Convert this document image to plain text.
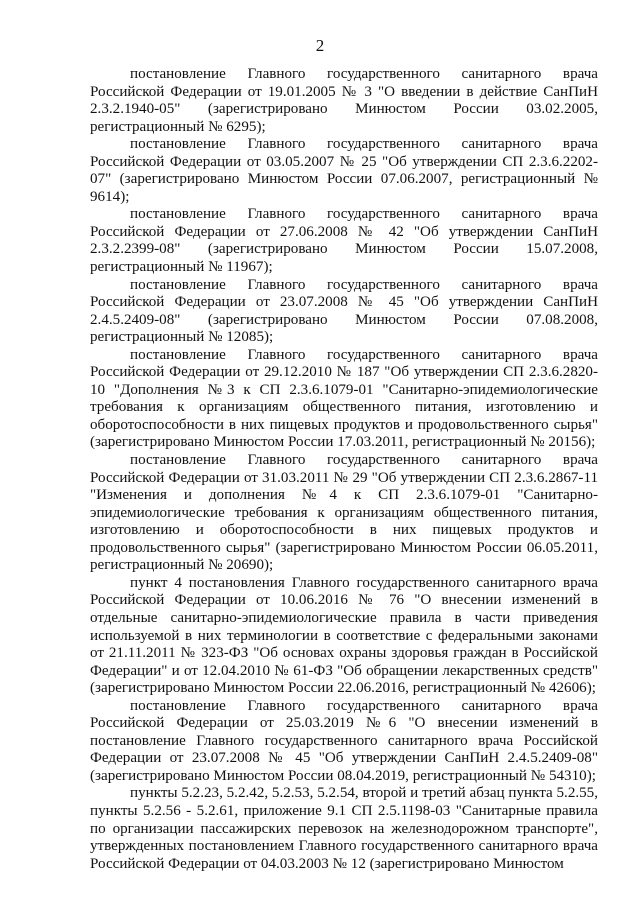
2

постановление Главного государственного санитарного врача Российской Федерации от 19.01.2005 № 3 "О введении в действие СанПиН 2.3.2.1940-05" (зарегистрировано Минюстом России 03.02.2005, регистрационный № 6295);

постановление Главного государственного санитарного врача Российской Федерации от 03.05.2007 № 25 "Об утверждении СП 2.3.6.2202-07" (зарегистрировано Минюстом России 07.06.2007, регистрационный № 9614);

постановление Главного государственного санитарного врача Российской Федерации от 27.06.2008 № 42 "Об утверждении СанПиН 2.3.2.2399-08" (зарегистрировано Минюстом России 15.07.2008, регистрационный № 11967);

постановление Главного государственного санитарного врача Российской Федерации от 23.07.2008 № 45 "Об утверждении СанПиН 2.4.5.2409-08" (зарегистрировано Минюстом России 07.08.2008, регистрационный № 12085);

постановление Главного государственного санитарного врача Российской Федерации от 29.12.2010 № 187 "Об утверждении СП 2.3.6.2820-10 "Дополнения №3 к СП 2.3.6.1079-01 "Санитарно-эпидемиологические требования к организациям общественного питания, изготовлению и оборотоспособности в них пищевых продуктов и продовольственного сырья" (зарегистрировано Минюстом России 17.03.2011, регистрационный № 20156);

постановление Главного государственного санитарного врача Российской Федерации от 31.03.2011 № 29 "Об утверждении СП 2.3.6.2867-11 "Изменения и дополнения №4 к СП 2.3.6.1079-01 "Санитарно-эпидемиологические требования к организациям общественного питания, изготовлению и оборотоспособности в них пищевых продуктов и продовольственного сырья" (зарегистрировано Минюстом России 06.05.2011, регистрационный № 20690);

пункт 4 постановления Главного государственного санитарного врача Российской Федерации от 10.06.2016 № 76 "О внесении изменений в отдельные санитарно-эпидемиологические правила в части приведения используемой в них терминологии в соответствие с федеральными законами от 21.11.2011 № 323-ФЗ "Об основах охраны здоровья граждан в Российской Федерации" и от 12.04.2010 № 61-ФЗ "Об обращении лекарственных средств" (зарегистрировано Минюстом России 22.06.2016, регистрационный № 42606);

постановление Главного государственного санитарного врача Российской Федерации от 25.03.2019 №6 "О внесении изменений в постановление Главного государственного санитарного врача Российской Федерации от 23.07.2008 № 45 "Об утверждении СанПиН 2.4.5.2409-08" (зарегистрировано Минюстом России 08.04.2019, регистрационный № 54310);

пункты 5.2.23, 5.2.42, 5.2.53, 5.2.54, второй и третий абзац пункта 5.2.55, пункты 5.2.56 - 5.2.61, приложение 9.1 СП 2.5.1198-03 "Санитарные правила по организации пассажирских перевозок на железнодорожном транспорте", утвержденных постановлением Главного государственного санитарного врача Российской Федерации от 04.03.2003 № 12 (зарегистрировано Минюстом
